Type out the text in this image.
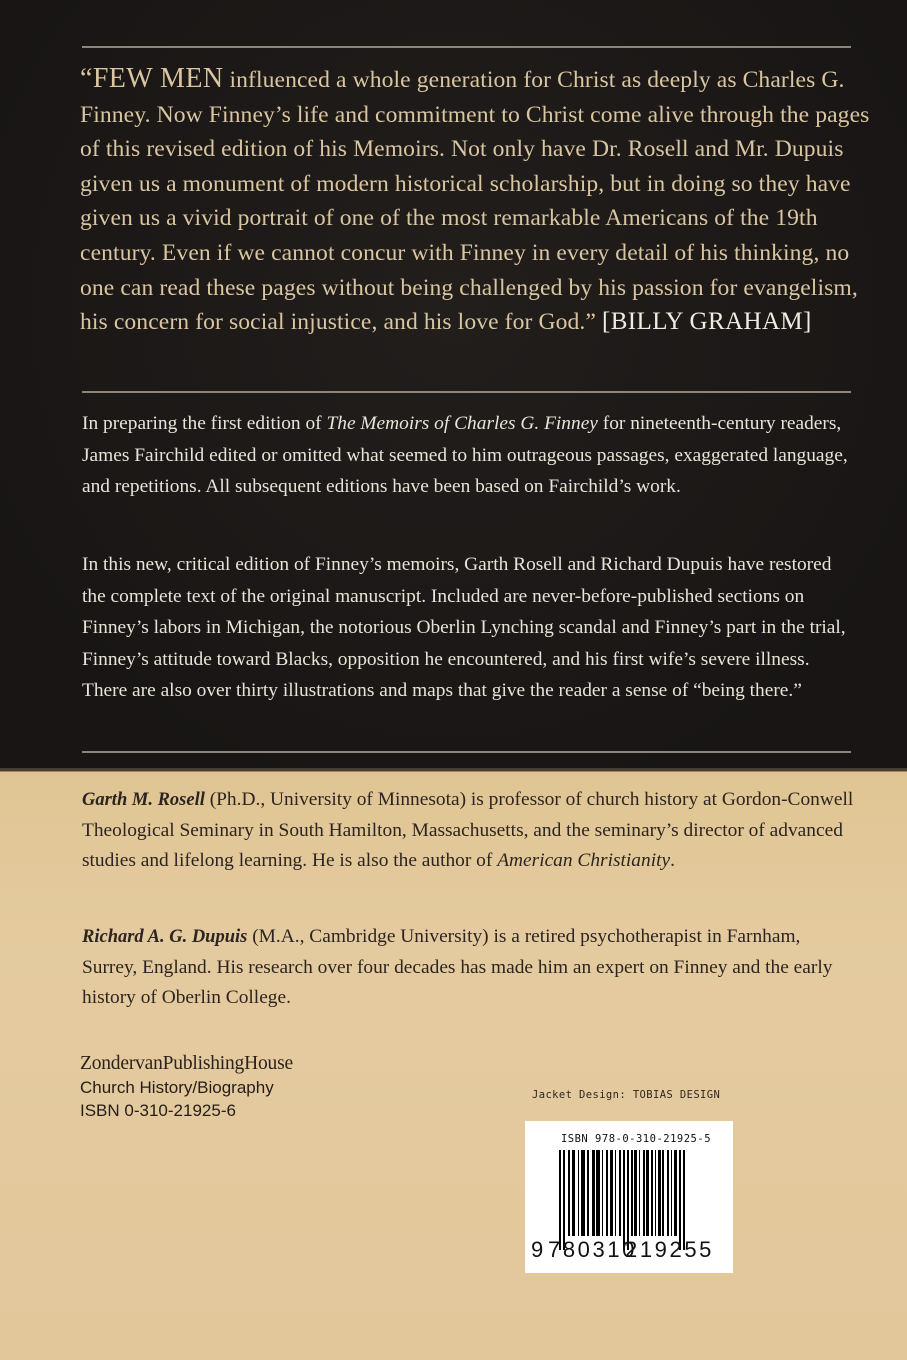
“FEW MEN influenced a whole generation for Christ as deeply as Charles G. Finney. Now Finney’s life and commitment to Christ come alive through the pages of this revised edition of his Memoirs. Not only have Dr. Rosell and Mr. Dupuis given us a monument of modern historical scholarship, but in doing so they have given us a vivid portrait of one of the most remarkable Americans of the 19th century. Even if we cannot concur with Finney in every detail of his thinking, no one can read these pages without being challenged by his passion for evangelism, his concern for social injustice, and his love for God.” [BILLY GRAHAM]

In preparing the first edition of The Memoirs of Charles G. Finney for nineteenth-century readers, James Fairchild edited or omitted what seemed to him outrageous passages, exaggerated language, and repetitions. All subsequent editions have been based on Fairchild’s work.

In this new, critical edition of Finney’s memoirs, Garth Rosell and Richard Dupuis have restored the complete text of the original manuscript. Included are never-before-published sections on Finney’s labors in Michigan, the notorious Oberlin Lynching scandal and Finney’s part in the trial, Finney’s attitude toward Blacks, opposition he encountered, and his first wife’s severe illness. There are also over thirty illustrations and maps that give the reader a sense of “being there.”

Garth M. Rosell (Ph.D., University of Minnesota) is professor of church history at Gordon-Conwell Theological Seminary in South Hamilton, Massachusetts, and the seminary’s director of advanced studies and lifelong learning. He is also the author of American Christianity.

Richard A. G. Dupuis (M.A., Cambridge University) is a retired psychotherapist in Farnham, Surrey, England. His research over four decades has made him an expert on Finney and the early history of Oberlin College.

ZondervanPublishingHouse
Church History/Biography
ISBN 0-310-21925-6
Jacket Design: TOBIAS DESIGN
ISBN 978-0-310-21925-5

9

780310

219255
